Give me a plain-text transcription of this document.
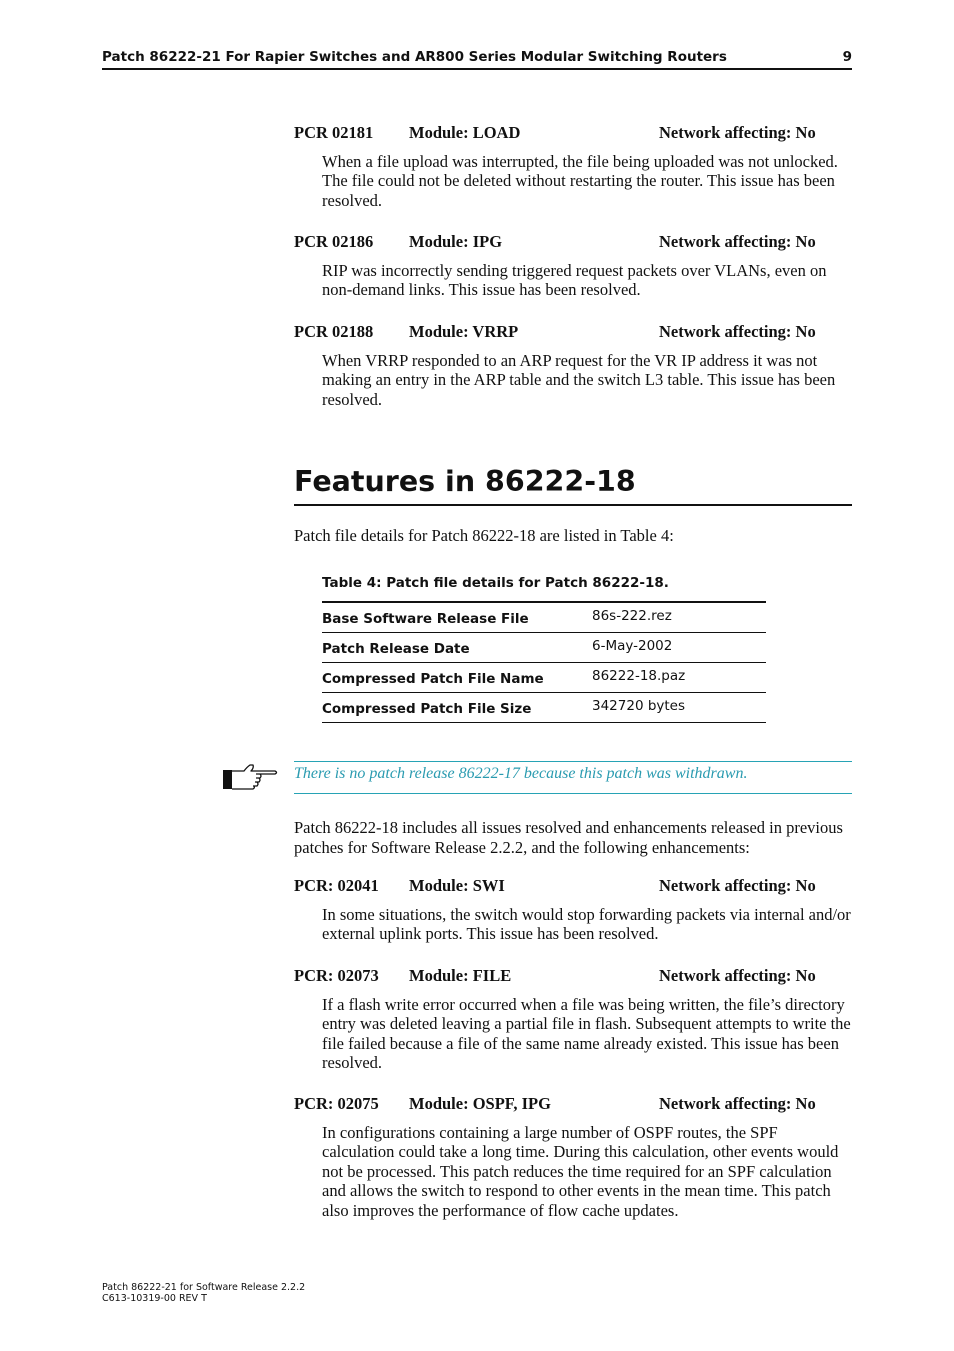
Patch 86222-21 For Rapier Switches and AR800 Series Modular Switching Routers	9
PCR 02181 Module: LOAD	Network affecting: No

When a file upload was interrupted, the file being uploaded was not unlocked. The file could not be deleted without restarting the router. This issue has been resolved.

PCR 02186 Module: IPG	Network affecting: No

RIP was incorrectly sending triggered request packets over VLANs, even on non-demand links. This issue has been resolved.

PCR 02188 Module: VRRP	Network affecting: No

When VRRP responded to an ARP request for the VR IP address it was not making an entry in the ARP table and the switch L3 table. This issue has been resolved.

Features in 86222-18

Patch file details for Patch 86222-18 are listed in Table 4:

Table 4: Patch file details for Patch 86222-18.
Base Software Release File	86s-222.rez
Patch Release Date	6-May-2002
Compressed Patch File Name	86222-18.paz
Compressed Patch File Size	342720 bytes
There is no patch release 86222-17 because this patch was withdrawn.

Patch 86222-18 includes all issues resolved and enhancements released in previous patches for Software Release 2.2.2, and the following enhancements:

PCR: 02041 Module: SWI	Network affecting: No

In some situations, the switch would stop forwarding packets via internal and/or external uplink ports. This issue has been resolved.

PCR: 02073 Module: FILE	Network affecting: No

If a flash write error occurred when a file was being written, the file’s directory entry was deleted leaving a partial file in flash. Subsequent attempts to write the file failed because a file of the same name already existed. This issue has been resolved.

PCR: 02075 Module: OSPF, IPG	Network affecting: No

In configurations containing a large number of OSPF routes, the SPF calculation could take a long time. During this calculation, other events would not be processed. This patch reduces the time required for an SPF calculation and allows the switch to respond to other events in the mean time. This patch also improves the performance of flow cache updates.

Patch 86222-21 for Software Release 2.2.2
C613-10319-00 REV T
